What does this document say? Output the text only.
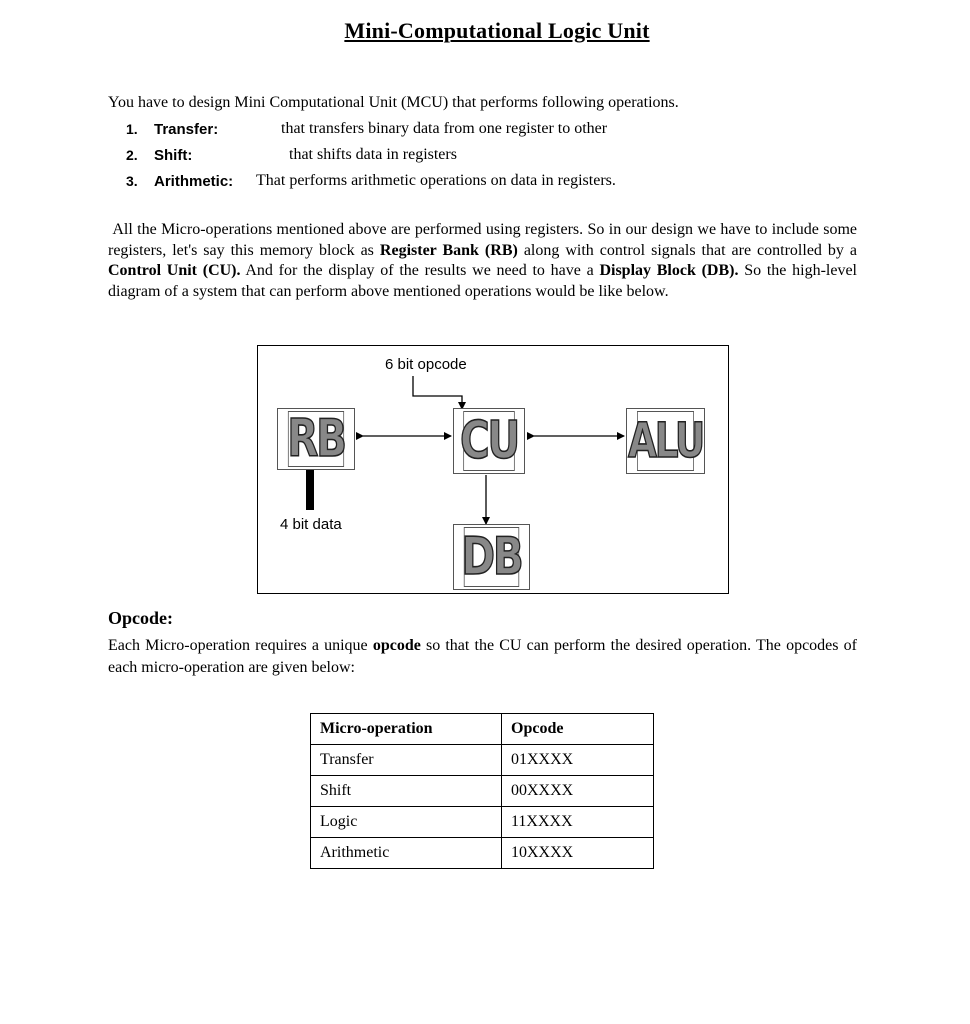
Mini-Computational Logic Unit
You have to design Mini Computational Unit (MCU) that performs following operations.
1. Transfer:	that transfers binary data from one register to other
2. Shift:	that shifts data in registers
3. Arithmetic: That performs arithmetic operations on data in registers.
All the Micro-operations mentioned above are performed using registers. So in our design we have to include some registers, let's say this memory block as Register Bank (RB) along with control signals that are controlled by a Control Unit (CU). And for the display of the results we need to have a Display Block (DB). So the high-level diagram of a system that can perform above mentioned operations would be like below.
6 bit opcode
4 bit data
RB CU ALU
DB
Opcode:
Each Micro-operation requires a unique opcode so that the CU can perform the desired operation. The opcodes of each micro-operation are given below:
Micro-operation	Opcode
Transfer	01XXXX
Shift	00XXXX
Logic	11XXXX
Arithmetic	10XXXX
